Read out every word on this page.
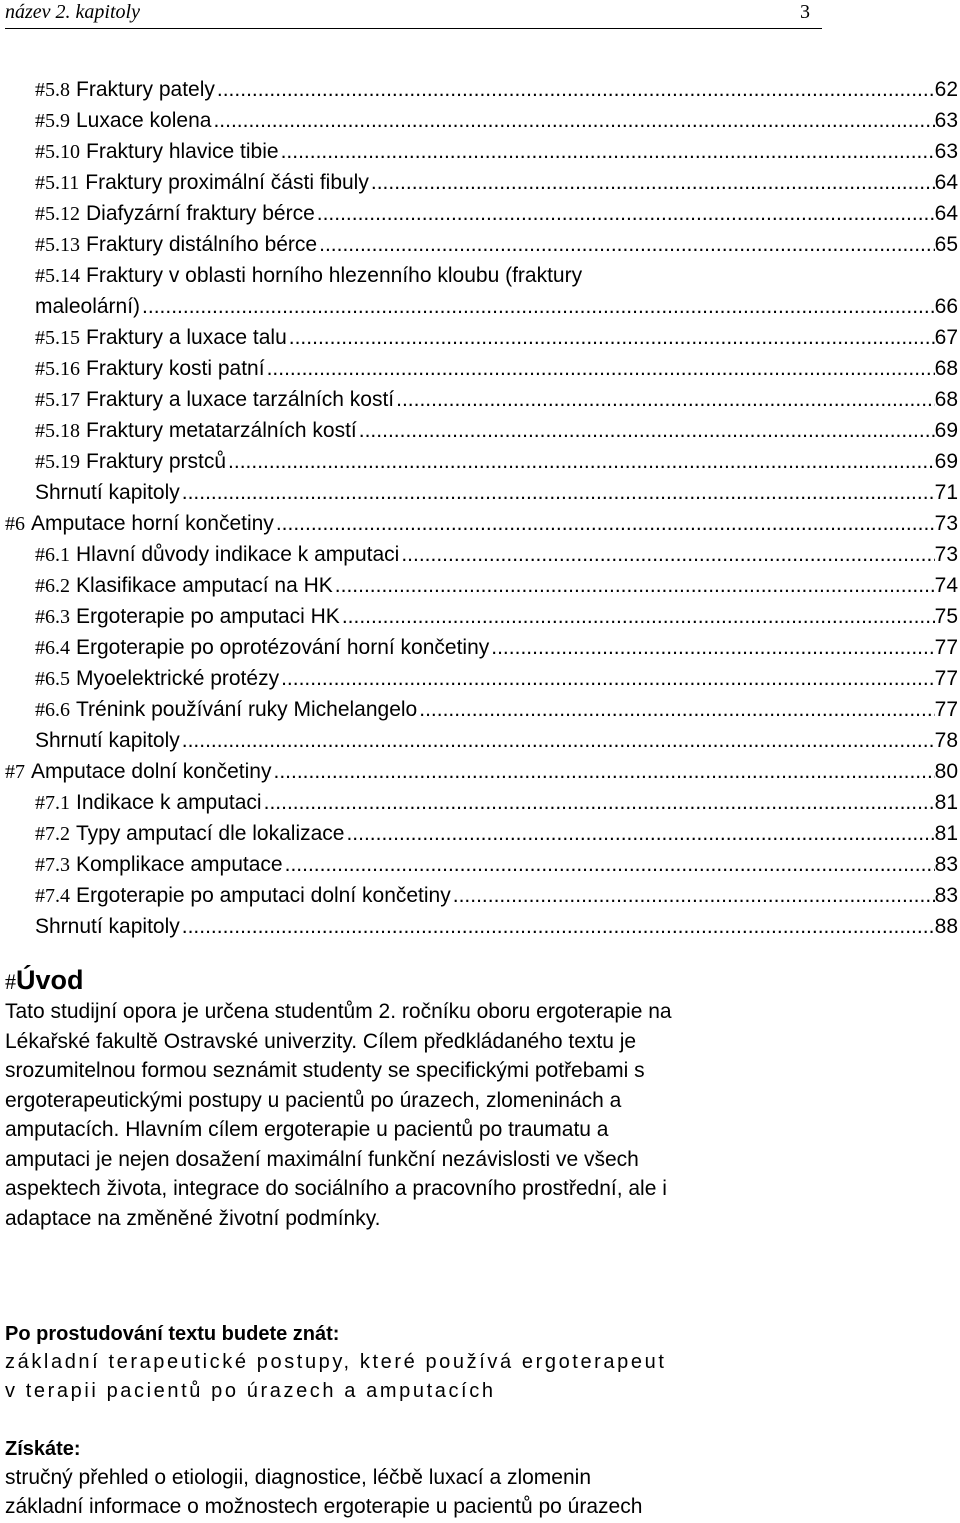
název 2. kapitoly	3
#5.8 Fraktury pately .....	62
#5.9 Luxace kolena .....	63
#5.10 Fraktury hlavice tibie .....	63
#5.11 Fraktury proximální části fibuly .....	64
#5.12 Diafyzární fraktury bérce .....	64
#5.13 Fraktury distálního bérce .....	65
#5.14 Fraktury v oblasti horního hlezenního kloubu (fraktury
maleolární) .....	66
#5.15 Fraktury a luxace talu .....	67
#5.16 Fraktury kosti patní .....	68
#5.17 Fraktury a luxace tarzálních kostí .....	68
#5.18 Fraktury metatarzálních kostí .....	69
#5.19 Fraktury prstců .....	69
Shrnutí kapitoly .....	71
#6 Amputace horní končetiny .....	73
#6.1 Hlavní důvody indikace k amputaci .....	73
#6.2 Klasifikace amputací na HK .....	74
#6.3 Ergoterapie po amputaci HK .....	75
#6.4 Ergoterapie po oprotézování horní končetiny .....	77
#6.5 Myoelektrické protézy .....	77
#6.6 Trénink používání ruky Michelangelo .....	77
Shrnutí kapitoly .....	78
#7 Amputace dolní končetiny .....	80
#7.1 Indikace k amputaci .....	81
#7.2 Typy amputací dle lokalizace .....	81
#7.3 Komplikace amputace .....	83
#7.4 Ergoterapie po amputaci dolní končetiny .....	83
Shrnutí kapitoly .....	88
#Úvod
Tato studijní opora je určena studentům 2. ročníku oboru ergoterapie na
Lékařské fakultě Ostravské univerzity. Cílem předkládaného textu je
srozumitelnou formou seznámit studenty se specifickými potřebami s
ergoterapeutickými postupy u pacientů po úrazech, zlomeninách a
amputacích. Hlavním cílem ergoterapie u pacientů po traumatu a
amputaci je nejen dosažení maximální funkční nezávislosti ve všech
aspektech života, integrace do sociálního a pracovního prostřední, ale i
adaptace na změněné životní podmínky.
Po prostudování textu budete znát:
základní terapeutické postupy, které používá ergoterapeut
v terapii pacientů po úrazech a amputacích
Získáte:
stručný přehled o etiologii, diagnostice, léčbě luxací a zlomenin
základní informace o možnostech ergoterapie u pacientů po úrazech
